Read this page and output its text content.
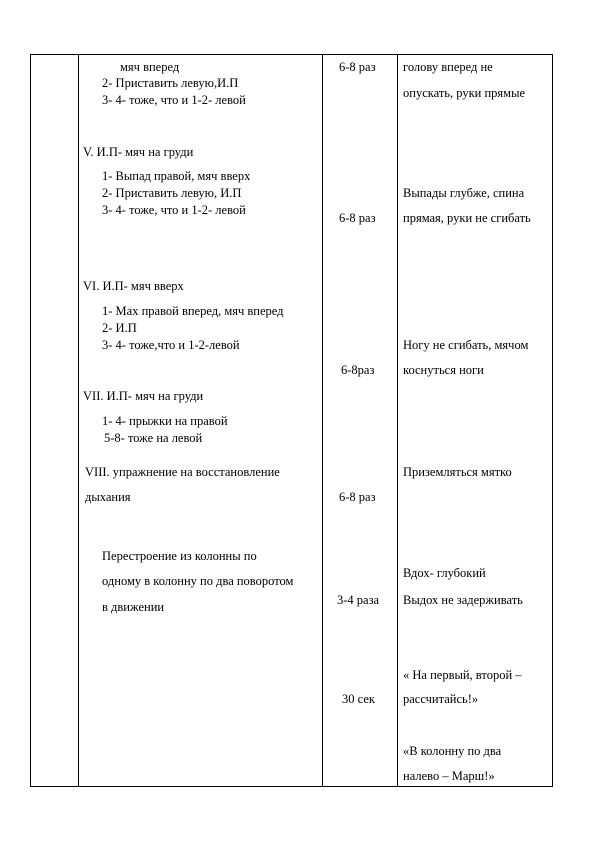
мяч вперед
2- Приставить левую,И.П
3- 4- тоже, что и 1-2- левой
V. И.П- мяч на груди
1- Выпад правой, мяч вверх
2- Приставить левую, И.П
3- 4- тоже, что и 1-2- левой
VI. И.П- мяч вверх
1- Мах правой вперед, мяч вперед
2- И.П
3- 4- тоже,что и 1-2-левой
VII. И.П- мяч на груди
1- 4- прыжки на правой
5-8- тоже на левой
VIII. упражнение на восстановление
дыхания
Перестроение из колонны по
одному в колонну по два поворотом
в движении
6-8 раз
6-8 раз
6-8раз
6-8 раз
3-4 раза
30 сек
голову вперед не
опускать, руки прямые
Выпады глубже, спина
прямая, руки не сгибать
Ногу не сгибать, мячом
коснуться ноги
Приземляться мятко
Вдох- глубокий
Выдох не задерживать
« На первый, второй –
рассчитайсь!»
«В колонну по два
налево – Марш!»
